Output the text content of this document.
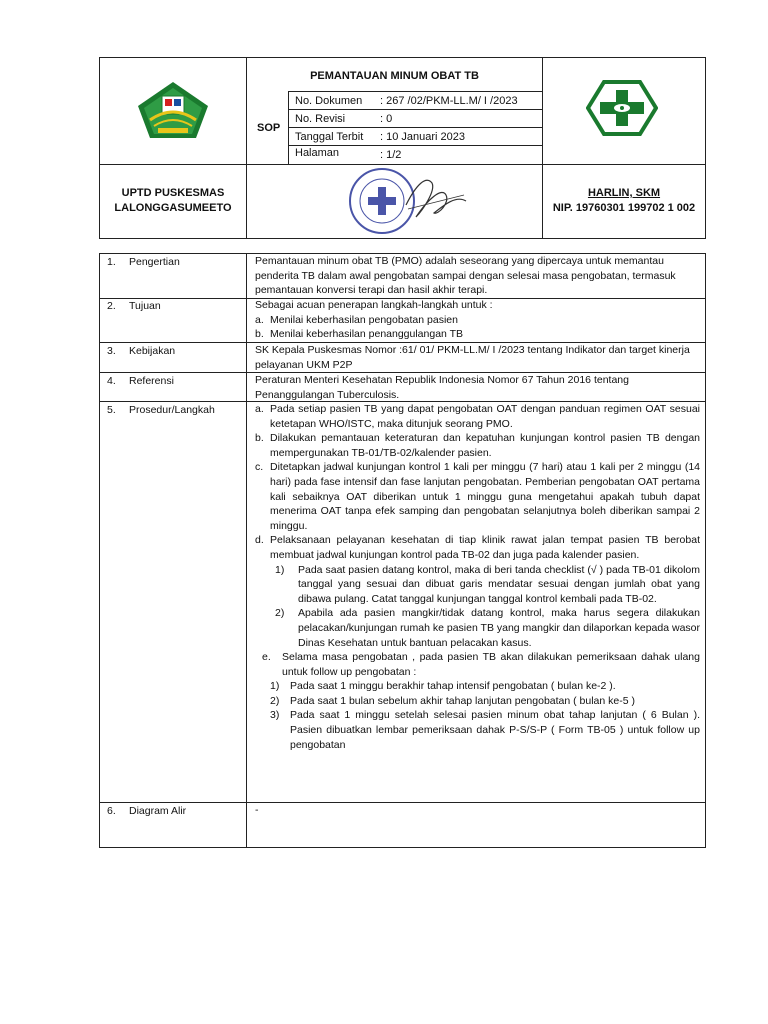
PEMANTAUAN MINUM OBAT TB
SOP
No. Dokumen : 267 /02/PKM-LL.M/ I /2023
No. Revisi	: 0
Tanggal Terbit : 10 Januari 2023
Halaman	: 1/2
UPTD PUSKESMAS
LALONGGASUMEETO
HARLIN, SKM
NIP. 19760301 199702 1 002
1. Pengertian	Pemantauan minum obat TB (PMO) adalah seseorang yang dipercaya untuk memantau penderita TB dalam awal pengobatan sampai dengan selesai masa pengobatan, termasuk pemantauan konversi terapi dan hasil akhir terapi.
2. Tujuan	Sebagai acuan penerapan langkah-langkah untuk :
a. Menilai keberhasilan pengobatan pasien
b. Menilai keberhasilan penanggulangan TB
3. Kebijakan	SK Kepala Puskesmas Nomor :61/ 01/ PKM-LL.M/ I /2023 tentang Indikator dan target kinerja pelayanan UKM P2P
4. Referensi	Peraturan Menteri Kesehatan Republik Indonesia Nomor 67 Tahun 2016 tentang Penanggulangan Tuberculosis.
5. Prosedur/Langkah	a. Pada setiap pasien TB yang dapat pengobatan OAT dengan panduan regimen OAT sesuai ketetapan WHO/ISTC, maka ditunjuk seorang PMO.
b. Dilakukan pemantauan keteraturan dan kepatuhan kunjungan kontrol pasien TB dengan mempergunakan TB-01/TB-02/kalender pasien.
c. Ditetapkan jadwal kunjungan kontrol 1 kali per minggu (7 hari) atau 1 kali per 2 minggu (14 hari) pada fase intensif dan fase lanjutan pengobatan. Pemberian pengobatan OAT pertama kali sebaiknya OAT diberikan untuk 1 minggu guna mengetahui apakah tubuh dapat menerima OAT tanpa efek samping dan pengobatan selanjutnya boleh diberikan sampai 2 minggu.
d. Pelaksanaan pelayanan kesehatan di tiap klinik rawat jalan tempat pasien TB berobat membuat jadwal kunjungan kontrol pada TB-02 dan juga pada kalender pasien.
1) Pada saat pasien datang kontrol, maka di beri tanda checklist (√ ) pada TB-01 dikolom tanggal yang sesuai dan dibuat garis mendatar sesuai dengan jumlah obat yang dibawa pulang. Catat tanggal kunjungan tanggal kontrol kembali pada TB-02.
2) Apabila ada pasien mangkir/tidak datang kontrol, maka harus segera dilakukan pelacakan/kunjungan rumah ke pasien TB yang mangkir dan dilaporkan kepada wasor Dinas Kesehatan untuk bantuan pelacakan kasus.
e. Selama masa pengobatan , pada pasien TB akan dilakukan pemeriksaan dahak ulang untuk follow up pengobatan :
1) Pada saat 1 minggu berakhir tahap intensif pengobatan ( bulan ke-2 ).
2) Pada saat 1 bulan sebelum akhir tahap lanjutan pengobatan ( bulan ke-5 )
3) Pada saat 1 minggu setelah selesai pasien minum obat tahap lanjutan ( 6 Bulan ). Pasien dibuatkan lembar pemeriksaan dahak P-S/S-P ( Form TB-05 ) untuk follow up pengobatan
6. Diagram Alir	-
